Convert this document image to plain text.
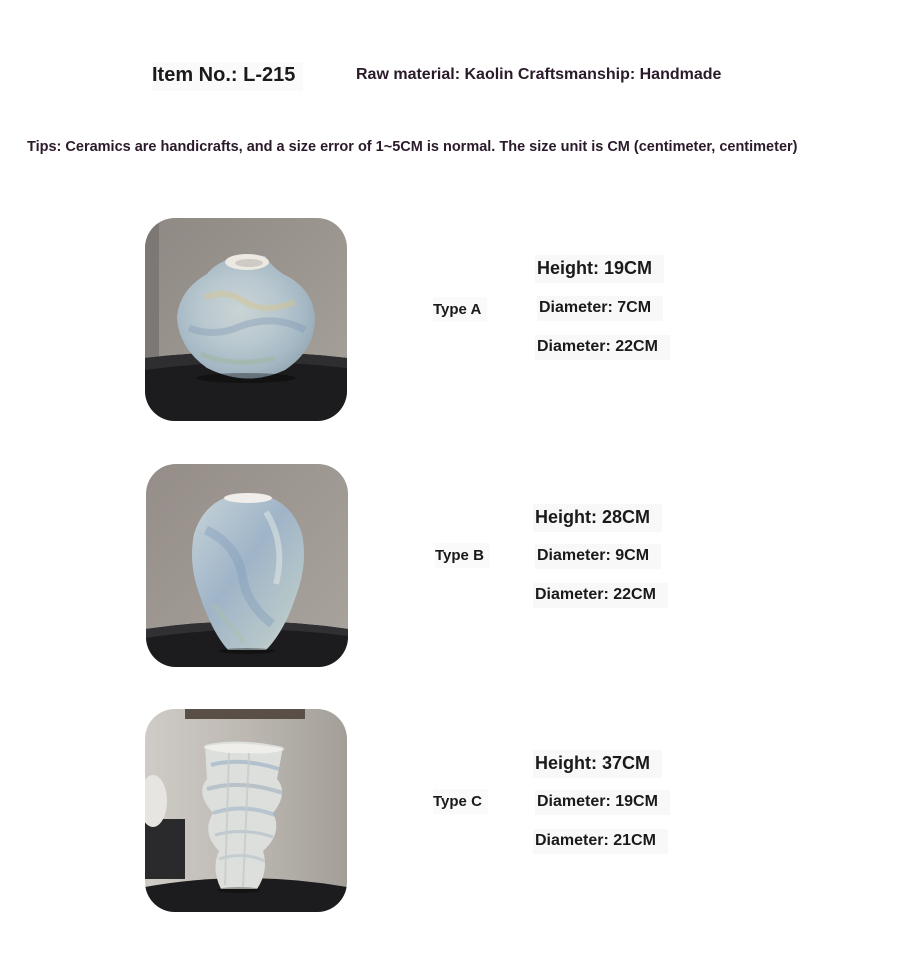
Item No.: L-215	Raw material: Kaolin Craftsmanship: Handmade
Tips: Ceramics are handicrafts, and a size error of 1~5CM is normal. The size unit is CM (centimeter, centimeter)
Type A
Height: 19CM
Diameter: 7CM
Diameter: 22CM
Type B
Height: 28CM
Diameter: 9CM
Diameter: 22CM
Type C
Height: 37CM
Diameter: 19CM
Diameter: 21CM
